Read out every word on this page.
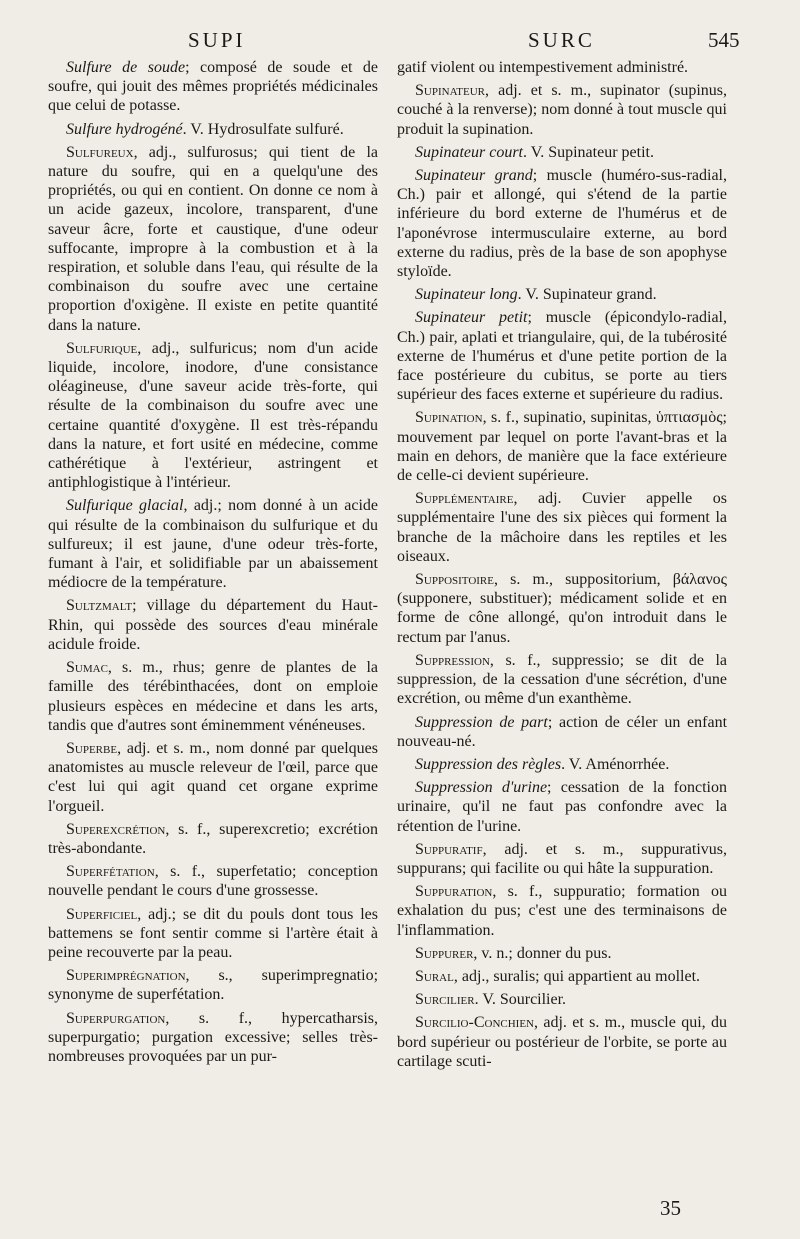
SUPI	SURC	545

Sulfure de soude; composé de soude et de soufre, qui jouit des mêmes propriétés médicinales que celui de potasse.

Sulfure hydrogéné. V. Hydrosulfate sulfuré.

Sulfureux, adj., sulfurosus; qui tient de la nature du soufre, qui en a quelqu'une des propriétés, ou qui en contient. On donne ce nom à un acide gazeux, incolore, transparent, d'une saveur âcre, forte et caustique, d'une odeur suffocante, impropre à la combustion et à la respiration, et soluble dans l'eau, qui résulte de la combinaison du soufre avec une certaine proportion d'oxigène. Il existe en petite quantité dans la nature.

Sulfurique, adj., sulfuricus; nom d'un acide liquide, incolore, inodore, d'une consistance oléagineuse, d'une saveur acide très-forte, qui résulte de la combinaison du soufre avec une certaine quantité d'oxygène. Il est très-répandu dans la nature, et fort usité en médecine, comme cathérétique à l'extérieur, astringent et antiphlogistique à l'intérieur.

Sulfurique glacial, adj.; nom donné à un acide qui résulte de la combinaison du sulfurique et du sulfureux; il est jaune, d'une odeur très-forte, fumant à l'air, et solidifiable par un abaissement médiocre de la température.

Sultzmalt; village du département du Haut-Rhin, qui possède des sources d'eau minérale acidule froide.

Sumac, s. m., rhus; genre de plantes de la famille des térébinthacées, dont on emploie plusieurs espèces en médecine et dans les arts, tandis que d'autres sont éminemment vénéneuses.

Superbe, adj. et s. m., nom donné par quelques anatomistes au muscle releveur de l'œil, parce que c'est lui qui agit quand cet organe exprime l'orgueil.

Superexcrétion, s. f., superexcretio; excrétion très-abondante.

Superfétation, s. f., superfetatio; conception nouvelle pendant le cours d'une grossesse.

Superficiel, adj.; se dit du pouls dont tous les battemens se font sentir comme si l'artère était à peine recouverte par la peau.

Superimprégnation, s., superimpregnatio; synonyme de superfétation.

Superpurgation, s. f., hypercatharsis, superpurgatio; purgation excessive; selles très-nombreuses provoquées par un pur-

gatif violent ou intempestivement administré.

Supinateur, adj. et s. m., supinator (supinus, couché à la renverse); nom donné à tout muscle qui produit la supination.

Supinateur court. V. Supinateur petit.

Supinateur grand; muscle (huméro-sus-radial, Ch.) pair et allongé, qui s'étend de la partie inférieure du bord externe de l'humérus et de l'aponévrose intermusculaire externe, au bord externe du radius, près de la base de son apophyse styloïde.

Supinateur long. V. Supinateur grand.

Supinateur petit; muscle (épicondylo-radial, Ch.) pair, aplati et triangulaire, qui, de la tubérosité externe de l'humérus et d'une petite portion de la face postérieure du cubitus, se porte au tiers supérieur des faces externe et supérieure du radius.

Supination, s. f., supinatio, supinitas, ὑπτιασμὸς; mouvement par lequel on porte l'avant-bras et la main en dehors, de manière que la face extérieure de celle-ci devient supérieure.

Supplémentaire, adj. Cuvier appelle os supplémentaire l'une des six pièces qui forment la branche de la mâchoire dans les reptiles et les oiseaux.

Suppositoire, s. m., suppositorium, βάλανος (supponere, substituer); médicament solide et en forme de cône allongé, qu'on introduit dans le rectum par l'anus.

Suppression, s. f., suppressio; se dit de la suppression, de la cessation d'une sécrétion, d'une excrétion, ou même d'un exanthème.

Suppression de part; action de céler un enfant nouveau-né.

Suppression des règles. V. Aménorrhée.

Suppression d'urine; cessation de la fonction urinaire, qu'il ne faut pas confondre avec la rétention de l'urine.

Suppuratif, adj. et s. m., suppurativus, suppurans; qui facilite ou qui hâte la suppuration.

Suppuration, s. f., suppuratio; formation ou exhalation du pus; c'est une des terminaisons de l'inflammation.

Suppurer, v. n.; donner du pus.

Sural, adj., suralis; qui appartient au mollet.

Surcilier. V. Sourcilier.

Surcilio-Conchien, adj. et s. m., muscle qui, du bord supérieur ou postérieur de l'orbite, se porte au cartilage scuti-

35
